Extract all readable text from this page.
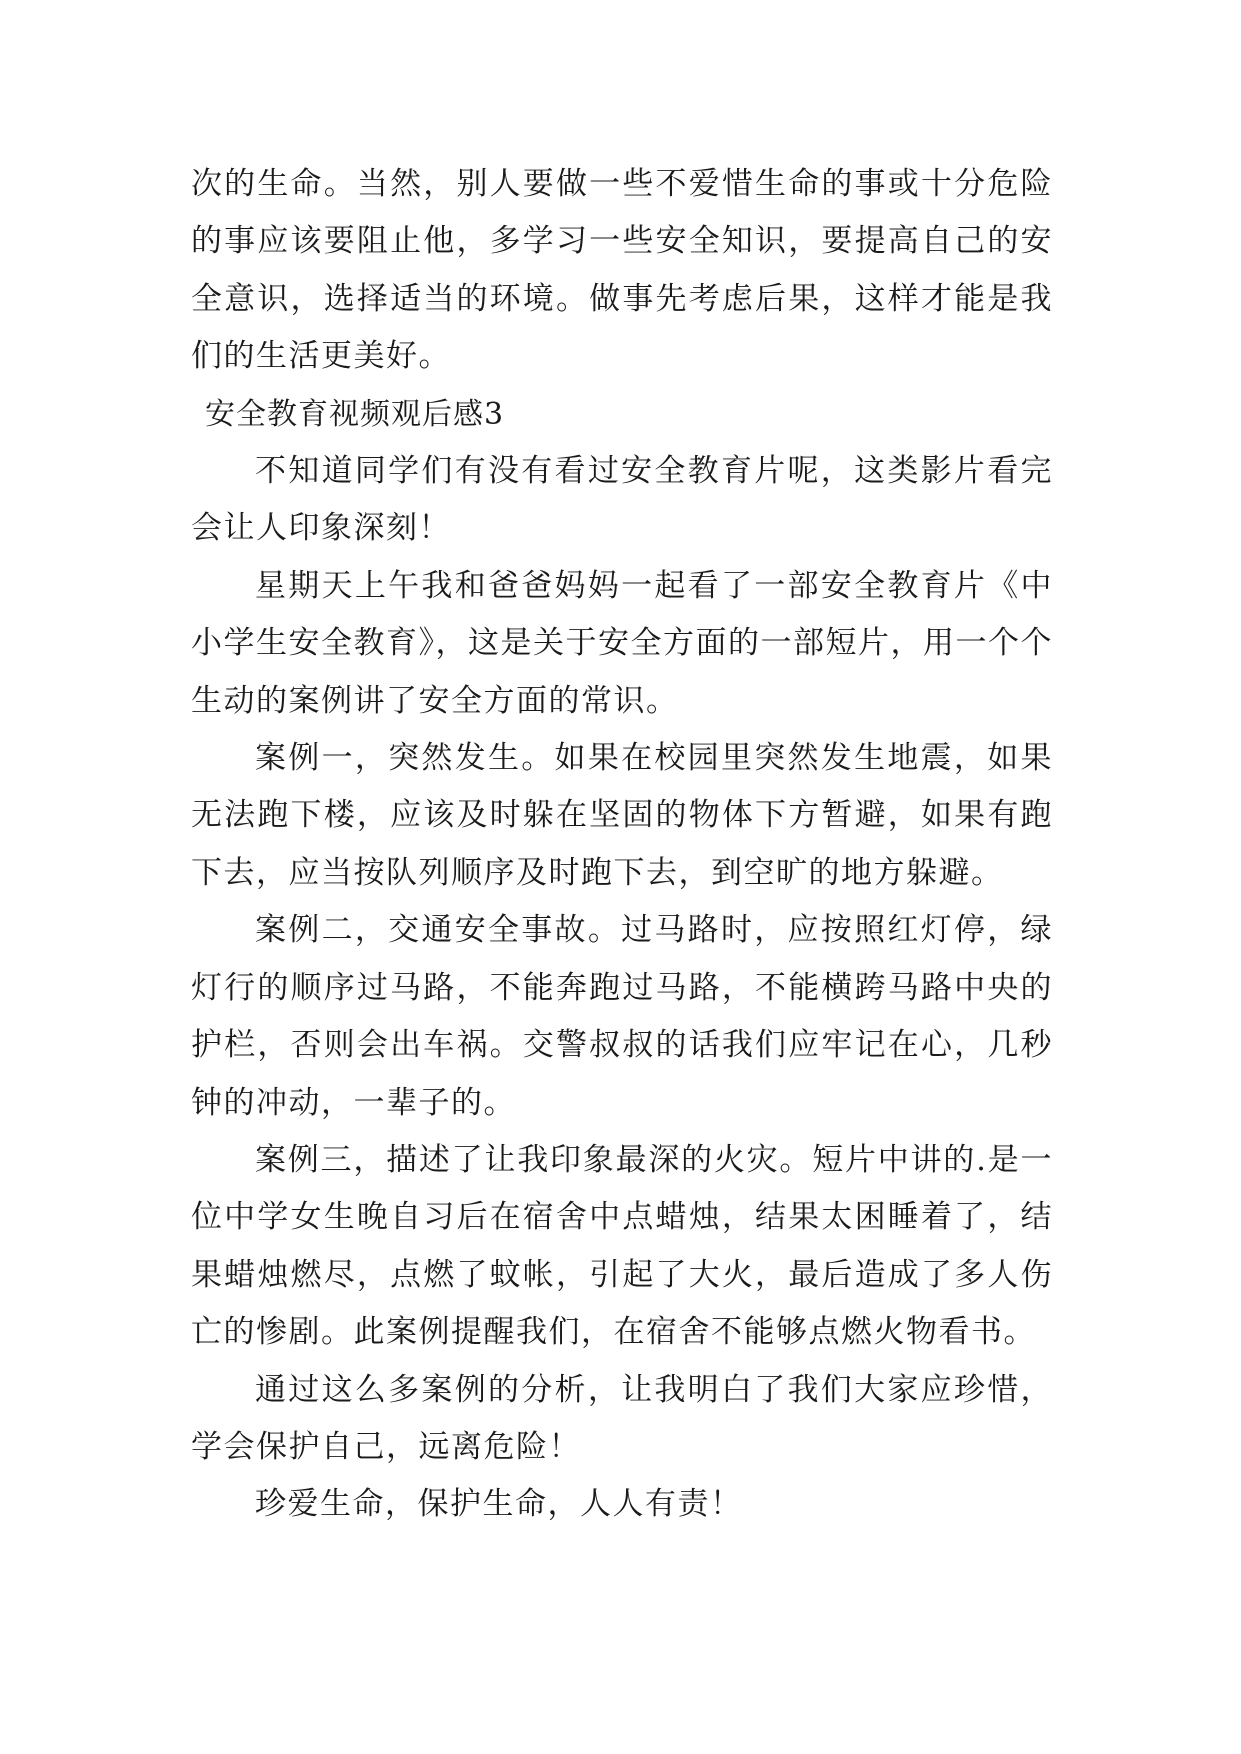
次的生命。当然，别人要做一些不爱惜生命的事或十分危险的事应该要阻止他，多学习一些安全知识，要提高自己的安全意识，选择适当的环境。做事先考虑后果，这样才能是我们的生活更美好。

安全教育视频观后感3

不知道同学们有没有看过安全教育片呢，这类影片看完会让人印象深刻！

星期天上午我和爸爸妈妈一起看了一部安全教育片《中小学生安全教育》，这是关于安全方面的一部短片，用一个个生动的案例讲了安全方面的常识。

案例一，突然发生。如果在校园里突然发生地震，如果无法跑下楼，应该及时躲在坚固的物体下方暂避，如果有跑下去，应当按队列顺序及时跑下去，到空旷的地方躲避。

案例二，交通安全事故。过马路时，应按照红灯停，绿灯行的顺序过马路，不能奔跑过马路，不能横跨马路中央的护栏，否则会出车祸。交警叔叔的话我们应牢记在心，几秒钟的冲动，一辈子的。

案例三，描述了让我印象最深的火灾。短片中讲的.是一位中学女生晚自习后在宿舍中点蜡烛，结果太困睡着了，结果蜡烛燃尽，点燃了蚊帐，引起了大火，最后造成了多人伤亡的惨剧。此案例提醒我们，在宿舍不能够点燃火物看书。

通过这么多案例的分析，让我明白了我们大家应珍惜，学会保护自己，远离危险！

珍爱生命，保护生命，人人有责！
